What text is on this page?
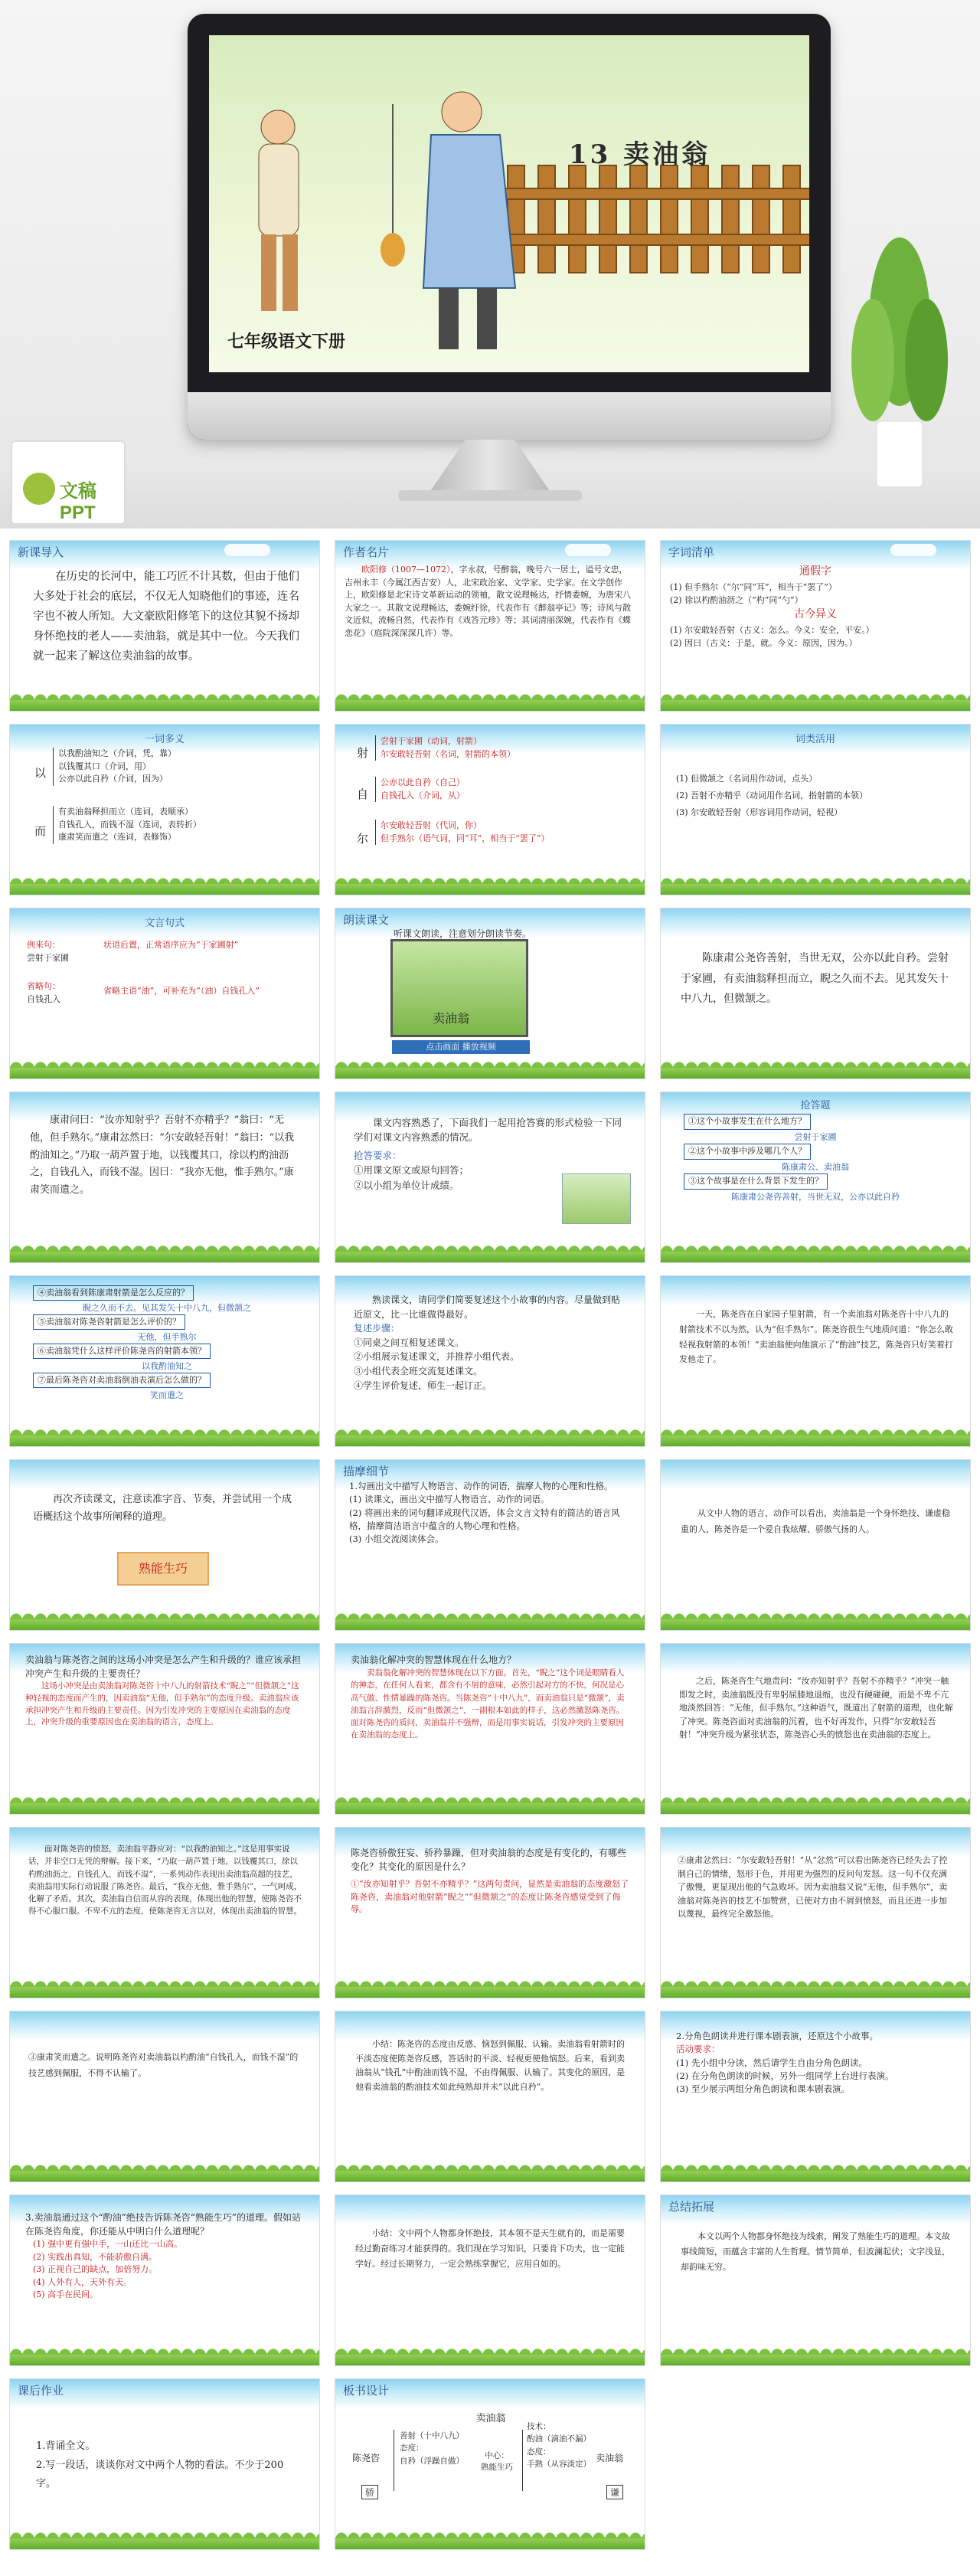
文稿PPT
13 卖油翁
七年级语文下册
新课导入
在历史的长河中，能工巧匠不计其数，但由于他们大多处于社会的底层，不仅无人知晓他们的事迹，连名字也不被人所知。大文豪欧阳修笔下的这位其貌不扬却身怀绝技的老人——卖油翁，就是其中一位。今天我们就一起来了解这位卖油翁的故事。
作者名片
欧阳修（1007—1072），字永叔，号醉翁，晚号六一居士，谥号文忠，吉州永丰（今属江西吉安）人，北宋政治家、文学家、史学家。在文学创作上，欧阳修是北宋诗文革新运动的领袖，散文说理畅达，抒情委婉，为唐宋八大家之一。其散文说理畅达，委婉纡徐，代表作有《醉翁亭记》等；诗风与散文近似，流畅自然，代表作有《戏答元珍》等；其词清丽深婉，代表作有《蝶恋花》（庭院深深深几许）等。
字词清单
通假字
(1) 但手熟尔（“尔”同“耳”，相当于“罢了”）
(2) 徐以杓酌油沥之（“杓”同“勺”）
古今异义
(1) 尔安敢轻吾射（古义：怎么。今义：安全，平安。）
(2) 因曰（古义：于是，就。今义：原因，因为。）
一词多义
以
以我酌油知之（介词，凭，靠）
以钱覆其口（介词，用）
公亦以此自矜（介词，因为）
而
有卖油翁释担而立（连词，表顺承）
自钱孔入，而钱不湿（连词，表转折）
康肃笑而遣之（连词，表修饰）
射
尝射于家圃（动词，射箭）
尔安敢轻吾射（名词，射箭的本领）
自
公亦以此自矜（自己）
自钱孔入（介词，从）
尔
尔安敢轻吾射（代词，你）
但手熟尔（语气词，同“耳”，相当于“罢了”）
词类活用
(1) 但微颔之（名词用作动词，点头）
(2) 吾射不亦精乎（动词用作名词，指射箭的本领）
(3) 尔安敢轻吾射（形容词用作动词，轻视）
文言句式
例来句：
尝射于家圃
状语后置，正常语序应为“于家圃射”
省略句：
自钱孔入
省略主语“油”，可补充为“（油）自钱孔入”
朗读课文
听课文朗读，注意划分朗读节奏。
卖油翁
点击画面 播放视频
陈康肃公尧咨善射，当世无双，公亦以此自矜。尝射于家圃，有卖油翁释担而立，睨之久而不去。见其发矢十中八九，但微颔之。
康肃问曰：“汝亦知射乎？吾射不亦精乎？”翁曰：“无他，但手熟尔。”康肃忿然曰：“尔安敢轻吾射！”翁曰：“以我酌油知之。”乃取一葫芦置于地，以钱覆其口，徐以杓酌油沥之，自钱孔入，而钱不湿。因曰：“我亦无他，惟手熟尔。”康肃笑而遣之。
课文内容熟悉了，下面我们一起用抢答赛的形式检验一下同学们对课文内容熟悉的情况。
抢答要求：
①用课文原文或原句回答；
②以小组为单位计成绩。
抢答题
①这个小故事发生在什么地方？
尝射于家圃
②这个小故事中涉及哪几个人？
陈康肃公、卖油翁
③这个故事是在什么背景下发生的？
陈康肃公尧咨善射，当世无双，公亦以此自矜
④卖油翁看到陈康肃射箭是怎么反应的？
睨之久而不去。见其发矢十中八九，但微颔之
⑤卖油翁对陈尧咨射箭是怎么评价的？
无他，但手熟尔
⑥卖油翁凭什么这样评价陈尧咨的射箭本领？
以我酌油知之
⑦最后陈尧咨对卖油翁倒油表演后怎么做的？
笑而遣之
熟读课文，请同学们简要复述这个小故事的内容。尽量做到贴近原文，比一比谁做得最好。
复述步骤：
①同桌之间互相复述课文。
②小组展示复述课文，并推荐小组代表。
③小组代表全班交流复述课文。
④学生评价复述，师生一起订正。
一天，陈尧咨在自家园子里射箭，有一个卖油翁对陈尧咨十中八九的射箭技术不以为然，认为“但手熟尔”。陈尧咨很生气地质问道：“你怎么敢轻视我射箭的本领！”卖油翁便向他演示了“酌油”技艺，陈尧咨只好笑着打发他走了。
再次齐读课文，注意读准字音、节奏，并尝试用一个成语概括这个故事所阐释的道理。
熟能生巧
描摩细节
1.勾画出文中描写人物语言、动作的词语，揣摩人物的心理和性格。
(1) 读课文，画出文中描写人物语言、动作的词语。
(2) 将画出来的词句翻译成现代汉语，体会文言文特有的简洁的语言风格，揣摩简洁语言中蕴含的人物心理和性格。
(3) 小组交流阅读体会。
从文中人物的语言、动作可以看出，卖油翁是一个身怀绝技、谦虚稳重的人，陈尧咨是一个爱自我炫耀、骄傲气扬的人。
卖油翁与陈尧咨之间的这场小冲突是怎么产生和升级的？谁应该承担冲突产生和升级的主要责任？
这场小冲突是由卖油翁对陈尧咨十中八九的射箭技术“睨之”“但微颔之”这种轻视的态度而产生的，因卖油翁“无他，但手熟尔”的态度升级。卖油翁应该承担冲突产生和升级的主要责任。因为引发冲突的主要原因在卖油翁的态度上，冲突升级的重要原因也在卖油翁的语言，态度上。
卖油翁化解冲突的智慧体现在什么地方？
卖翁翁化解冲突的智慧体现在以下方面。首先，“睨之”这个词是眼睛看人的神态，在任何人看来，都含有不屑的意味，必然引起对方的不快，何况是心高气傲、性情暴躁的陈尧咨。当陈尧咨“十中八九”，而卖油翁只是“微颔”，卖油翁言辞激烈，反而“但微颔之”，一副根本如此的样子，这必然激怒陈尧咨。面对陈尧咨的质问，卖油翁并不强辩，而是用事实说话，引发冲突的主要原因在卖油翁的态度上。
之后，陈尧咨生气地责问：“汝亦知射乎？吾射不亦精乎？”冲突一触即发之时，卖油翁既没有卑躬屈膝地退缩，也没有硬碰硬，而是不卑不亢地淡然回答：“无他，但手熟尔。”这种语气，既道出了射箭的道理，也化解了冲突。陈尧咨面对卖油翁的沉着，也不好再发作，只得“尔安敢轻吾射！”冲突升级为紧张状态，陈尧咨心头的愤怒也在卖油翁的态度上。
面对陈尧咨的愤怒，卖油翁平静应对：“以我酌油知之。”这是用事实说话，并非空口无凭的辩解。接下来，“乃取一葫芦置于地，以钱覆其口，徐以杓酌油沥之，自钱孔入，而钱不湿”，一系列动作表现出卖油翁高超的技艺，卖油翁用实际行动说服了陈尧咨。最后，“我亦无他，惟手熟尔”，一气呵成，化解了矛盾。其次，卖油翁自信而从容的表现，体现出他的智慧，使陈尧咨不得不心服口服。不卑不亢的态度，使陈尧咨无言以对，体现出卖油翁的智慧。
陈尧咨骄傲狂妄、骄矜暴躁，但对卖油翁的态度是有变化的，有哪些变化？其变化的原因是什么？
①“汝亦知射乎？吾射不亦精乎？”这两句责问，显然是卖油翁的态度激怒了陈尧咨，卖油翁对他射箭“睨之”“但微颔之”的态度让陈尧咨感觉受到了侮辱。
②康肃忿然曰：“尔安敢轻吾射！”从“忿然”可以看出陈尧咨已经失去了控制自己的情绪，怒形于色，并用更为强烈的反问句发怒。这一句不仅充满了傲慢，更显现出他的气急败坏。因为卖油翁又说“无他，但手熟尔”，卖油翁对陈尧咨的技艺不加赞赏，已使对方由不屑到愤怒，而且还进一步加以蔑视，最终完全激怒他。
③康肃笑而遣之。说明陈尧咨对卖油翁以杓酌油“自钱孔入，而钱不湿”的技艺感到佩服，不得不认输了。
小结：陈尧咨的态度由反感、恼怒到佩服、认输。卖油翁看射箭时的平淡态度使陈尧咨反感，答话时的平淡、轻视更使他恼怒。后来，看到卖油翁从“钱孔”中酌油而钱不湿，不由得佩服、认输了。其变化的原因，是他看卖油翁的酌油技术如此纯熟却并未“以此自矜”。
2.分角色朗读并进行课本剧表演，还原这个小故事。
活动要求：
(1) 先小组中分读，然后请学生自由分角色朗读。
(2) 在分角色朗读的时候，另外一组同学上台进行表演。
(3) 至少展示两组分角色朗读和课本剧表演。
3.卖油翁通过这个“酌油”绝技告诉陈尧咨“熟能生巧”的道理。假如站在陈尧咨角度，你还能从中明白什么道理呢？
(1) 强中更有强中手，一山还比一山高。
(2) 实践出真知，不能骄傲自满。
(3) 正视自己的缺点，加倍努力。
(4) 人外有人，天外有天。
(5) 高手在民间。
小结：文中两个人物都身怀绝技，其本领不是天生就有的，而是需要经过勤奋练习才能获得的。我们现在学习知识，只要肯下功夫，也一定能学好。经过长期努力，一定会熟练掌握它，应用自如的。
总结拓展
本文以两个人物都身怀绝技为线索，阐发了熟能生巧的道理。本文故事线简短，而蕴含丰富的人生哲理。情节简单，但波澜起伏；文字浅显，却韵味无穷。
课后作业
1.背诵全文。
2.写一段话，谈谈你对文中两个人物的看法。不少于200字。
板书设计
卖油翁
陈尧咨
骄
善射（十中八九）
态度：
自矜（浮躁自傲）
中心：
熟能生巧
技术：
酌油（滴油不漏）
态度：
手熟（从容淡定）
卖油翁
谦
